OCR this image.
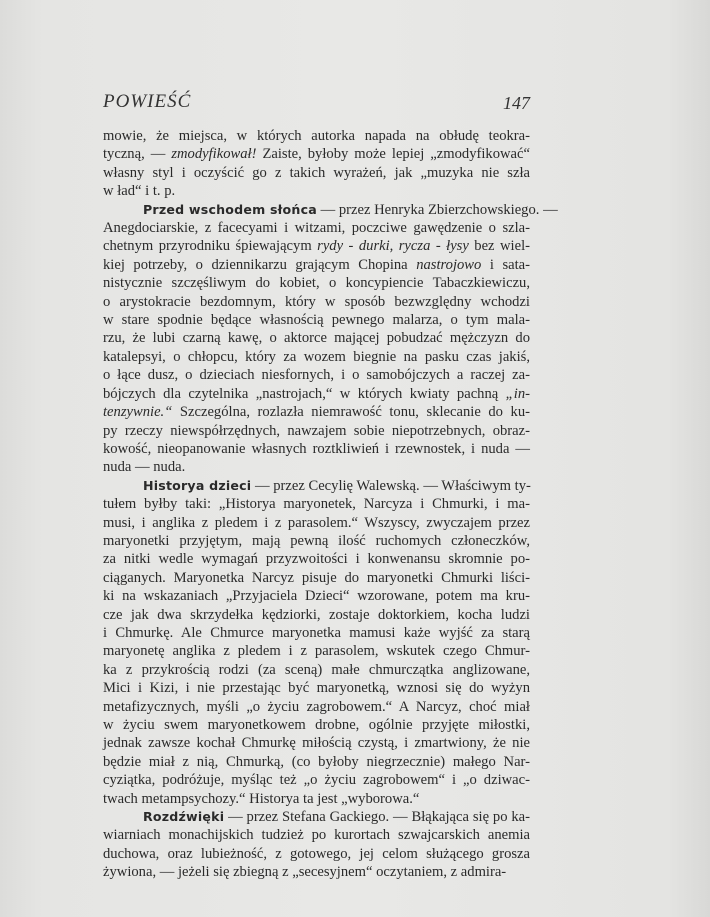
POWIEŚĆ	147

mowie, że miejsca, w których autorka napada na obłudę teokra-
tyczną, — zmodyfikował! Zaiste, byłoby może lepiej „zmodyfikować“
własny styl i oczyścić go z takich wyrażeń, jak „muzyka nie szła
w ład“ i t. p.

Przed wschodem słońca — przez Henryka Zbierzchowskiego. —
Anegdociarskie, z facecyami i witzami, poczciwe gawędzenie o szla-
chetnym przyrodniku śpiewającym rydy - durki, rycza - łysy bez wiel-
kiej potrzeby, o dziennikarzu grającym Chopina nastrojowo i sata-
nistycznie szczęśliwym do kobiet, o koncypiencie Tabaczkiewiczu,
o arystokracie bezdomnym, który w sposób bezwzględny wchodzi
w stare spodnie będące własnością pewnego malarza, o tym mala-
rzu, że lubi czarną kawę, o aktorce mającej pobudzać mężczyzn do
katalepsyi, o chłopcu, który za wozem biegnie na pasku czas jakiś,
o łące dusz, o dzieciach niesfornych, i o samobójczych a raczej za-
bójczych dla czytelnika „nastrojach,“ w których kwiaty pachną „in-
tenzywnie.“ Szczególna, rozlazła niemrawość tonu, sklecanie do ku-
py rzeczy niewspółrzędnych, nawzajem sobie niepotrzebnych, obraz-
kowość, nieopanowanie własnych roztkliwień i rzewnostek, i nuda —
nuda — nuda.

Historya dzieci — przez Cecylię Walewską. — Właściwym ty-
tułem byłby taki: „Historya maryonetek, Narcyza i Chmurki, i ma-
musi, i anglika z pledem i z parasolem.“ Wszyscy, zwyczajem przez
maryonetki przyjętym, mają pewną ilość ruchomych członeczków,
za nitki wedle wymagań przyzwoitości i konwenansu skromnie po-
ciąganych. Maryonetka Narcyz pisuje do maryonetki Chmurki liści-
ki na wskazaniach „Przyjaciela Dzieci“ wzorowane, potem ma kru-
cze jak dwa skrzydełka kędziorki, zostaje doktorkiem, kocha ludzi
i Chmurkę. Ale Chmurce maryonetka mamusi każe wyjść za starą
maryonetę anglika z pledem i z parasolem, wskutek czego Chmur-
ka z przykrością rodzi (za sceną) małe chmurczątka anglizowane,
Mici i Kizi, i nie przestając być maryonetką, wznosi się do wyżyn
metafizycznych, myśli „o życiu zagrobowem.“ A Narcyz, choć miał
w życiu swem maryonetkowem drobne, ogólnie przyjęte miłostki,
jednak zawsze kochał Chmurkę miłością czystą, i zmartwiony, że nie
będzie miał z nią, Chmurką, (co byłoby niegrzecznie) małego Nar-
cyziątka, podróżuje, myśląc też „o życiu zagrobowem“ i „o dziwac-
twach metampsychozy.“ Historya ta jest „wyborowa.“

Rozdźwięki — przez Stefana Gackiego. — Błąkająca się po ka-
wiarniach monachijskich tudzież po kurortach szwajcarskich anemia
duchowa, oraz lubieżność, z gotowego, jej celom służącego grosza
żywiona, — jeżeli się zbiegną z „secesyjnem“ oczytaniem, z admira-
